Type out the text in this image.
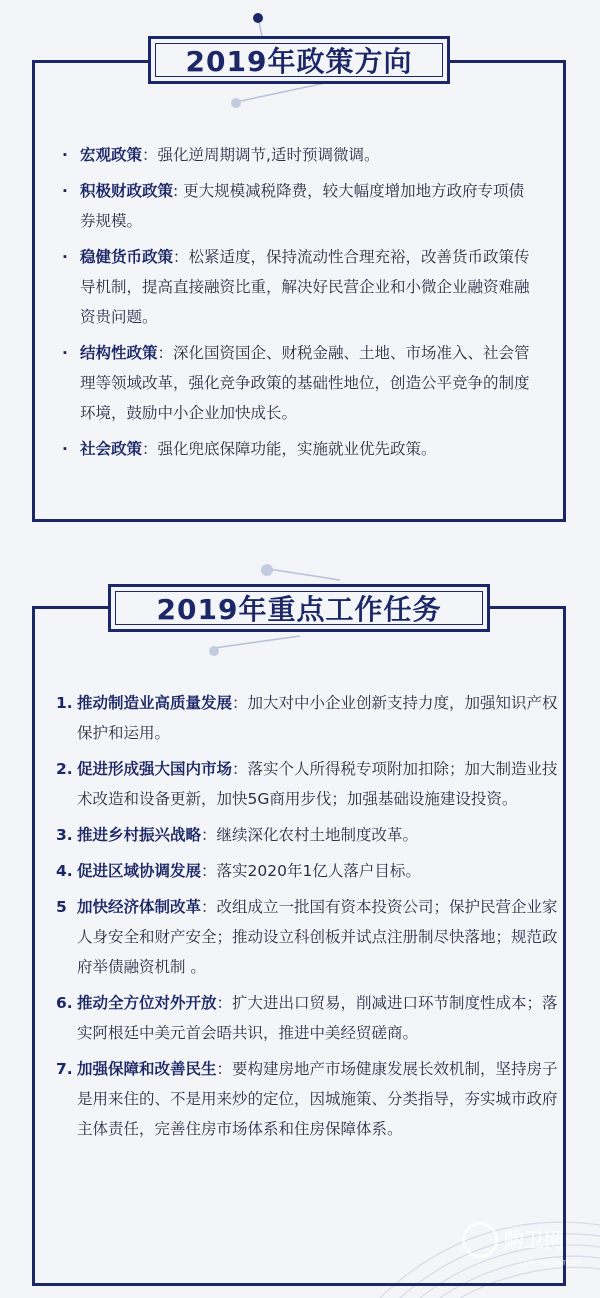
2019年政策方向
· 宏观政策：强化逆周期调节,适时预调微调。
· 积极财政政策: 更大规模减税降费，较大幅度增加地方政府专项债券规模。
· 稳健货币政策：松紧适度，保持流动性合理充裕，改善货币政策传导机制，提高直接融资比重，解决好民营企业和小微企业融资难融资贵问题。
· 结构性政策：深化国资国企、财税金融、土地、市场准入、社会管理等领域改革，强化竞争政策的基础性地位，创造公平竞争的制度环境，鼓励中小企业加快成长。
· 社会政策：强化兜底保障功能，实施就业优先政策。
2019年重点工作任务
1. 推动制造业高质量发展：加大对中小企业创新支持力度，加强知识产权保护和运用。
2. 促进形成强大国内市场：落实个人所得税专项附加扣除；加大制造业技术改造和设备更新，加快5G商用步伐；加强基础设施建设投资。
3. 推进乡村振兴战略：继续深化农村土地制度改革。
4. 促进区域协调发展：落实2020年1亿人落户目标。
5 加快经济体制改革：改组成立一批国有资本投资公司；保护民营企业家人身安全和财产安全；推动设立科创板并试点注册制尽快落地；规范政府举债融资机制 。
6. 推动全方位对外开放：扩大进出口贸易，削减进口环节制度性成本；落实阿根廷中美元首会晤共识，推进中美经贸磋商。
7. 加强保障和改善民生：要构建房地产市场健康发展长效机制，坚持房子是用来住的、不是用来炒的定位，因城施策、分类指导，夯实城市政府主体责任，完善住房市场体系和住房保障体系。
购卫网
txwsw.com.cn
